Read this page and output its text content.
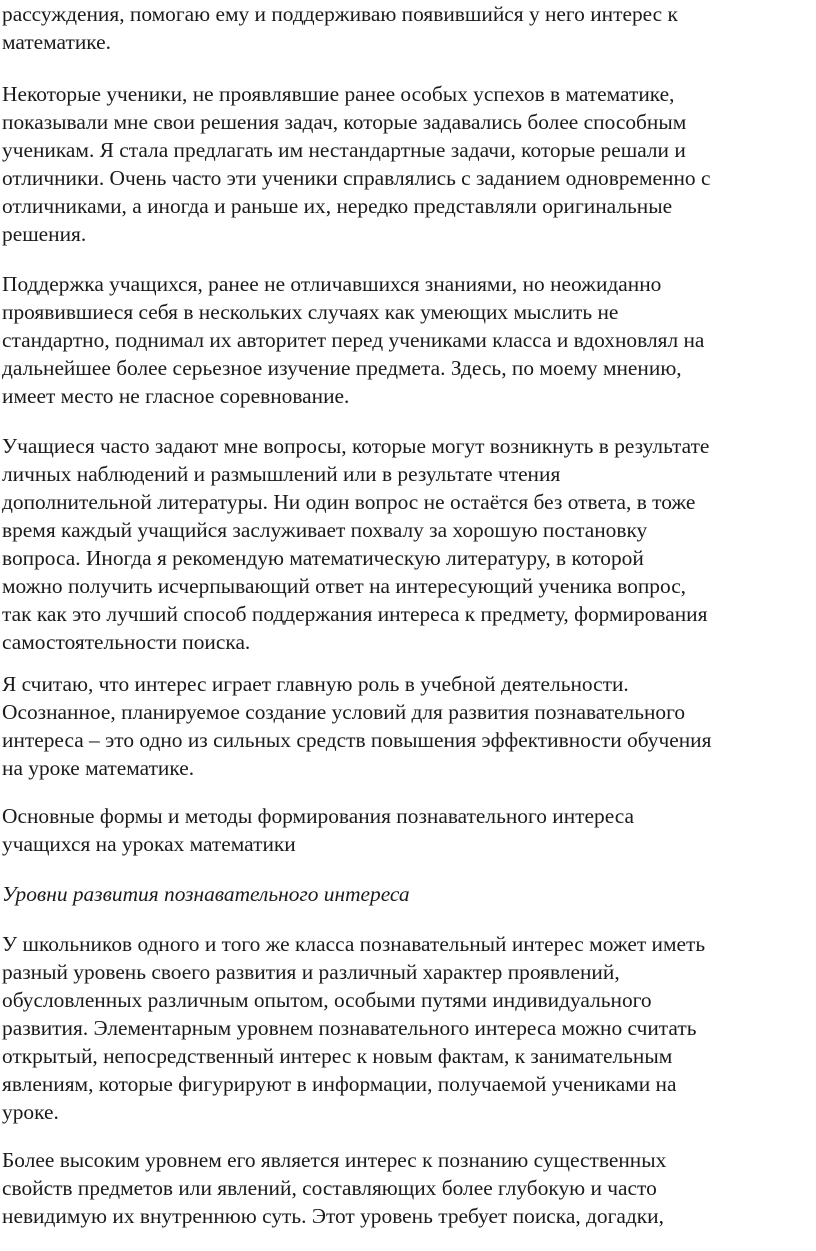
рассуждения, помогаю ему и поддерживаю появившийся у него интерес к
математике.
Некоторые ученики, не проявлявшие ранее особых успехов в математике,
показывали мне свои решения задач, которые задавались более способным
ученикам. Я стала предлагать им нестандартные задачи, которые решали и
отличники. Очень часто эти ученики справлялись с заданием одновременно с
отличниками, а иногда и раньше их, нередко представляли оригинальные
решения.
Поддержка учащихся, ранее не отличавшихся знаниями, но неожиданно
проявившиеся себя в нескольких случаях как умеющих мыслить не
стандартно, поднимал их авторитет перед учениками класса и вдохновлял на
дальнейшее более серьезное изучение предмета. Здесь, по моему мнению,
имеет место не гласное соревнование.
Учащиеся часто задают мне вопросы, которые могут возникнуть в результате
личных наблюдений и размышлений или в результате чтения
дополнительной литературы. Ни один вопрос не остаётся без ответа, в тоже
время каждый учащийся заслуживает похвалу за хорошую постановку
вопроса. Иногда я рекомендую математическую литературу, в которой
можно получить исчерпывающий ответ на интересующий ученика вопрос,
так как это лучший способ поддержания интереса к предмету, формирования
самостоятельности поиска.
Я считаю, что интерес играет главную роль в учебной деятельности.
Осознанное, планируемое создание условий для развития познавательного
интереса – это одно из сильных средств повышения эффективности обучения
на уроке математике.
Основные формы и методы формирования познавательного интереса
учащихся на уроках математики
Уровни развития познавательного интереса
У школьников одного и того же класса познавательный интерес может иметь
разный уровень своего развития и различный характер проявлений,
обусловленных различным опытом, особыми путями индивидуального
развития. Элементарным уровнем познавательного интереса можно считать
открытый, непосредственный интерес к новым фактам, к занимательным
явлениям, которые фигурируют в информации, получаемой учениками на
уроке.
Более высоким уровнем его является интерес к познанию существенных
свойств предметов или явлений, составляющих более глубокую и часто
невидимую их внутреннюю суть. Этот уровень требует поиска, догадки,
